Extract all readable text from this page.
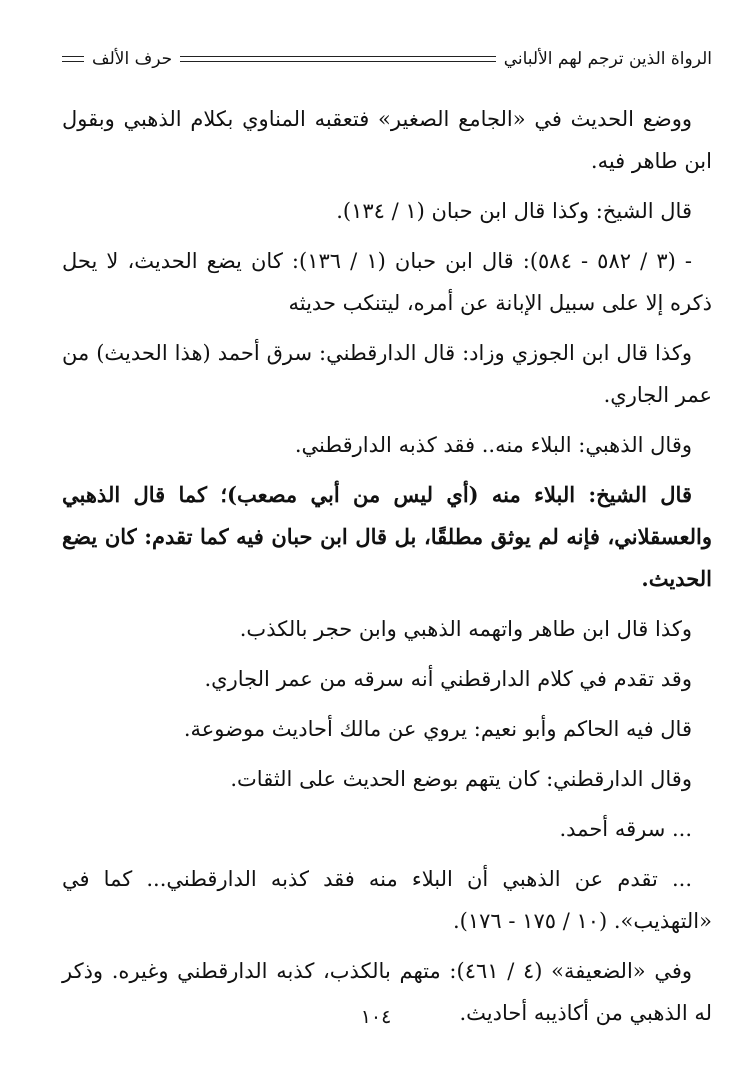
الرواة الذين ترجم لهم الألباني
حرف الألف

ووضع الحديث في «الجامع الصغير» فتعقبه المناوي بكلام الذهبي وبقول ابن طاهر فيه.

قال الشيخ: وكذا قال ابن حبان (١ / ١٣٤).

- (٣ / ٥٨٢ - ٥٨٤): قال ابن حبان (١ / ١٣٦): كان يضع الحديث، لا يحل ذكره إلا على سبيل الإبانة عن أمره، ليتنكب حديثه

وكذا قال ابن الجوزي وزاد: قال الدارقطني: سرق أحمد (هذا الحديث) من عمر الجاري.

وقال الذهبي: البلاء منه.. فقد كذبه الدارقطني.

قال الشيخ: البلاء منه (أي ليس من أبي مصعب)؛ كما قال الذهبي والعسقلاني، فإنه لم يوثق مطلقًا، بل قال ابن حبان فيه كما تقدم: كان يضع الحديث.

وكذا قال ابن طاهر واتهمه الذهبي وابن حجر بالكذب.

وقد تقدم في كلام الدارقطني أنه سرقه من عمر الجاري.

قال فيه الحاكم وأبو نعيم: يروي عن مالك أحاديث موضوعة.

وقال الدارقطني: كان يتهم بوضع الحديث على الثقات.

... سرقه أحمد.

... تقدم عن الذهبي أن البلاء منه فقد كذبه الدارقطني... كما في «التهذيب». (١٠ / ١٧٥ - ١٧٦).

وفي «الضعيفة» (٤ / ٤٦١): متهم بالكذب، كذبه الدارقطني وغيره. وذكر له الذهبي من أكاذيبه أحاديث.

١٠٤
